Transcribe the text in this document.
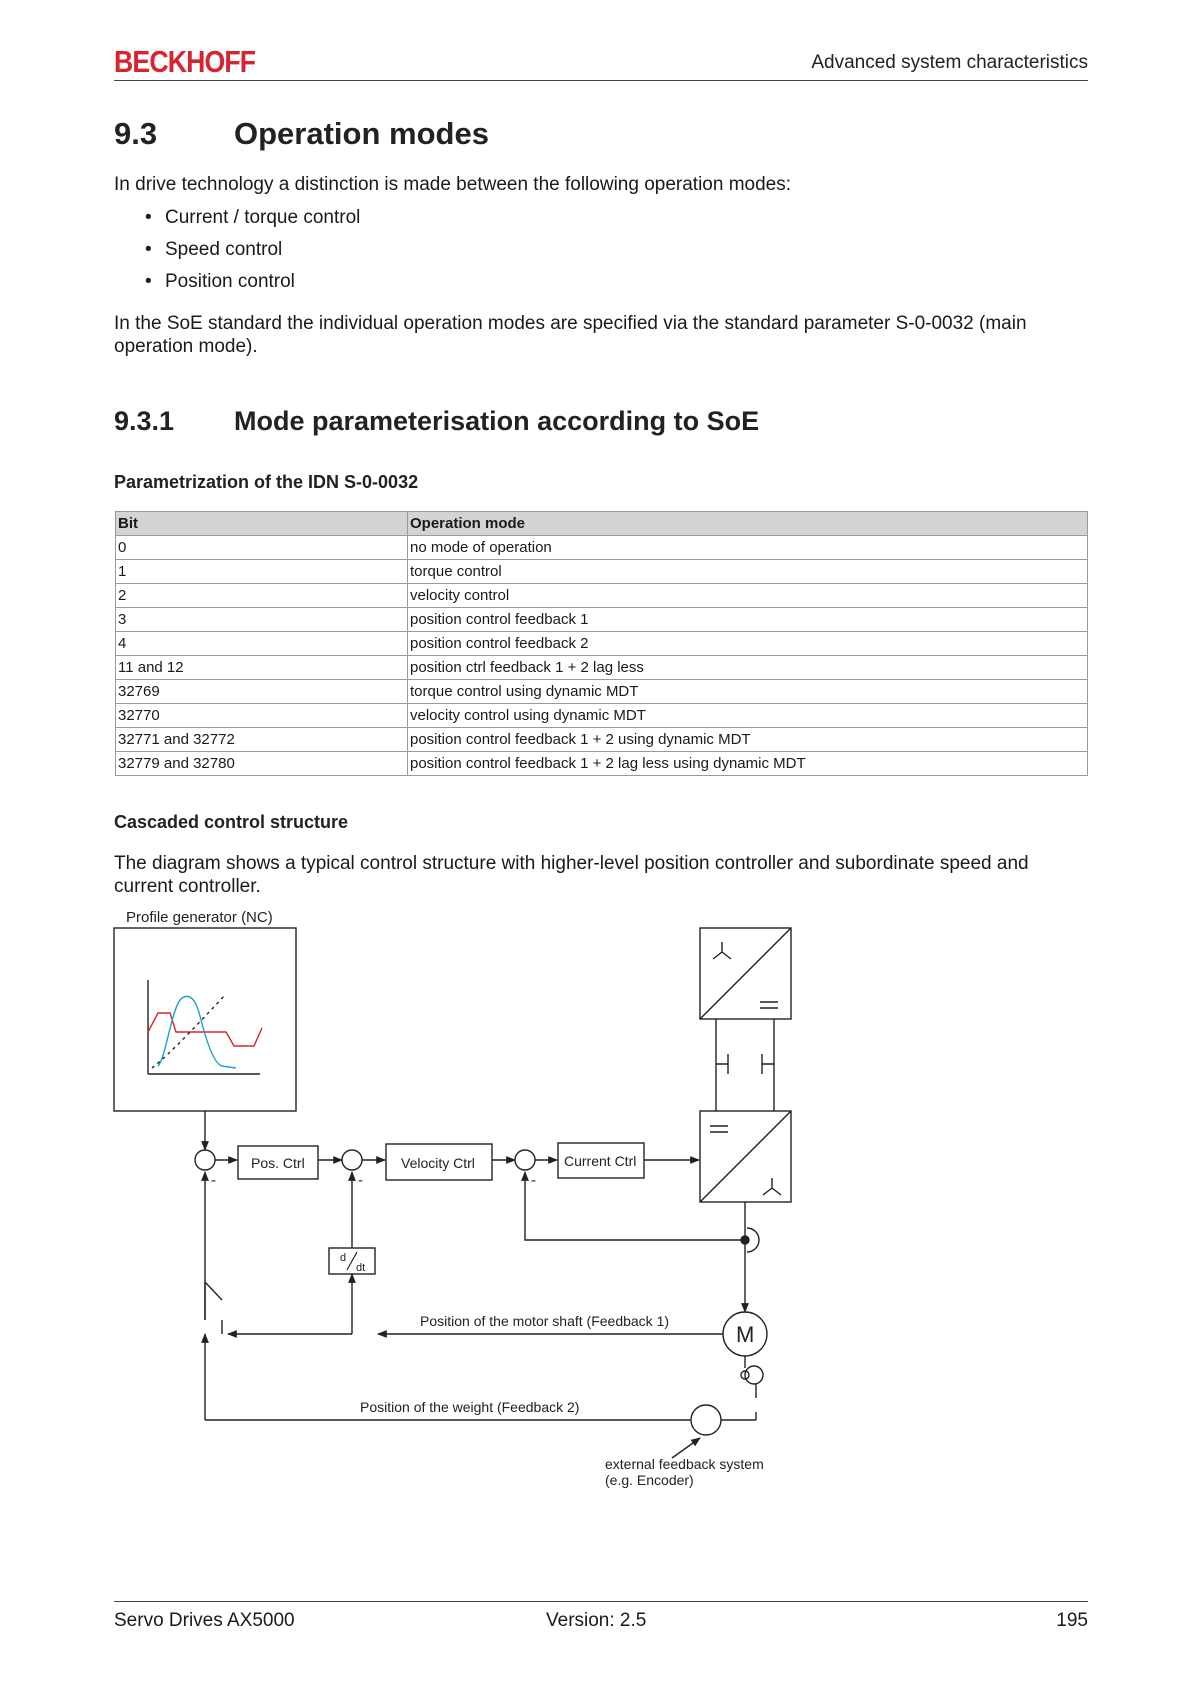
BECKHOFF	Advanced system characteristics
9.3 Operation modes

In drive technology a distinction is made between the following operation modes:

• Current / torque control
• Speed control
• Position control

In the SoE standard the individual operation modes are specified via the standard parameter S-0-0032 (main operation mode).

9.3.1 Mode parameterisation according to SoE
Parametrization of the IDN S-0-0032
Bit	Operation mode
0	no mode of operation
1	torque control
2	velocity control
3	position control feedback 1
4	position control feedback 2
11 and 12	position ctrl feedback 1 + 2 lag less
32769	torque control using dynamic MDT
32770	velocity control using dynamic MDT
32771 and 32772	position control feedback 1 + 2 using dynamic MDT
32779 and 32780	position control feedback 1 + 2 lag less using dynamic MDT
Cascaded control structure

The diagram shows a typical control structure with higher-level position controller and subordinate speed and current controller.

Profile generator (NC)
Pos. Ctrl	Velocity Ctrl	Current Ctrl
-	-	-
d
dt
M
Position of the motor shaft (Feedback 1)
Position of the weight (Feedback 2)
external feedback system
(e.g. Encoder)
Servo Drives AX5000	Version: 2.5	195
